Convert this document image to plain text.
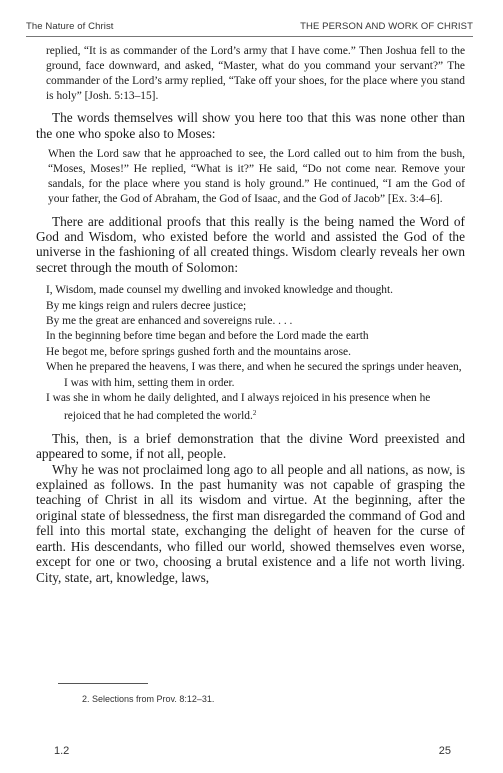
The Nature of Christ	THE PERSON AND WORK OF CHRIST

replied, “It is as commander of the Lord’s army that I have come.” Then Joshua fell to the ground, face downward, and asked, “Master, what do you command your servant?” The commander of the Lord’s army replied, “Take off your shoes, for the place where you stand is holy” [Josh. 5:13–15].

The words themselves will show you here too that this was none other than the one who spoke also to Moses:

When the Lord saw that he approached to see, the Lord called out to him from the bush, “Moses, Moses!” He replied, “What is it?” He said, “Do not come near. Remove your sandals, for the place where you stand is holy ground.” He continued, “I am the God of your father, the God of Abraham, the God of Isaac, and the God of Jacob” [Ex. 3:4–6].

There are additional proofs that this really is the being named the Word of God and Wisdom, who existed before the world and assisted the God of the universe in the fashioning of all created things. Wisdom clearly reveals her own secret through the mouth of Solomon:

I, Wisdom, made counsel my dwelling and invoked knowledge and thought.
By me kings reign and rulers decree justice;
By me the great are enhanced and sovereigns rule. . . .
In the beginning before time began and before the Lord made the earth
He begot me, before springs gushed forth and the mountains arose.
When he prepared the heavens, I was there, and when he secured the springs under heaven, I was with him, setting them in order.
I was she in whom he daily delighted, and I always rejoiced in his presence when he rejoiced that he had completed the world.$^2$

This, then, is a brief demonstration that the divine Word preexisted and appeared to some, if not all, people.

Why he was not proclaimed long ago to all people and all nations, as now, is explained as follows. In the past humanity was not capable of grasping the teaching of Christ in all its wisdom and virtue. At the beginning, after the original state of blessedness, the first man disregarded the command of God and fell into this mortal state, exchanging the delight of heaven for the curse of earth. His descendants, who filled our world, showed themselves even worse, except for one or two, choosing a brutal existence and a life not worth living. City, state, art, knowledge, laws,

2. Selections from Prov. 8:12–31.
1.2	25
